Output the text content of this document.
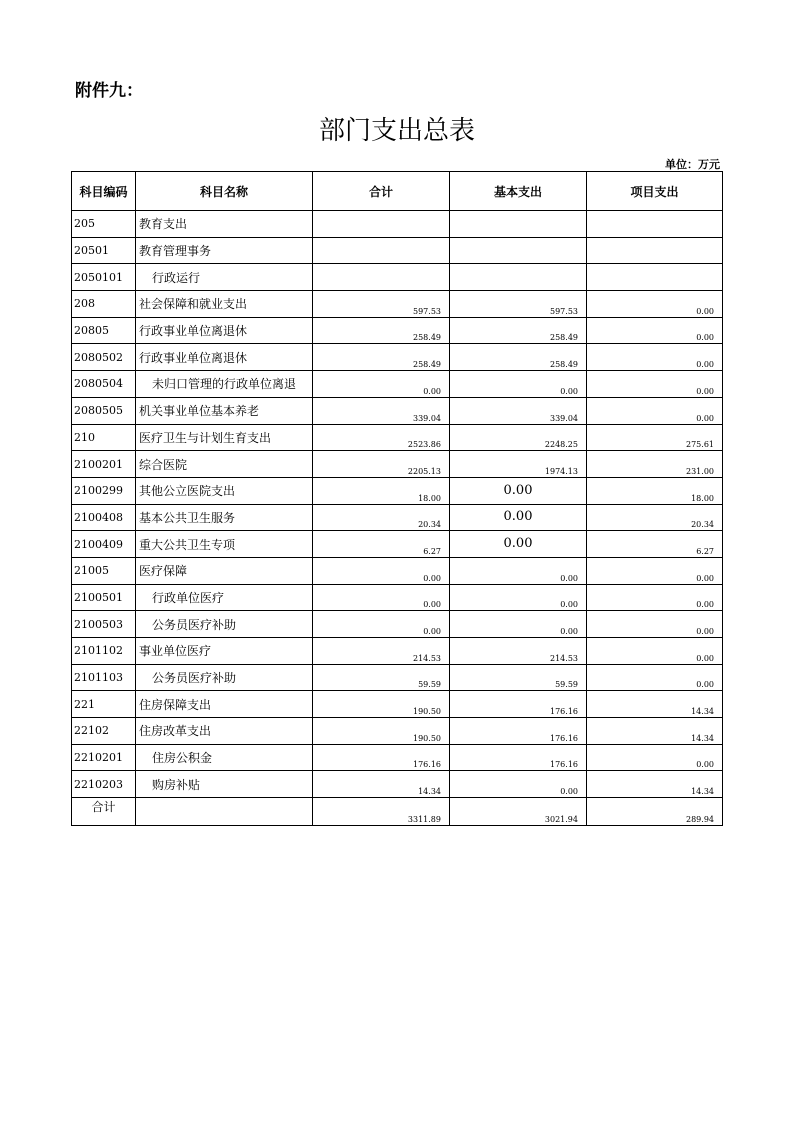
附件九：
部门支出总表
单位：万元
科目编码	科目名称	合计	基本支出	项目支出
205	教育支出			
20501	教育管理事务			
2050101	行政运行			
208	社会保障和就业支出	597.53	597.53	0.00
20805	行政事业单位离退休	258.49	258.49	0.00
2080502	行政事业单位离退休	258.49	258.49	0.00
2080504	未归口管理的行政单位离退	0.00	0.00	0.00
2080505	机关事业单位基本养老	339.04	339.04	0.00
210	医疗卫生与计划生育支出	2523.86	2248.25	275.61
2100201	综合医院	2205.13	1974.13	231.00
2100299	其他公立医院支出	18.00	0.00	18.00
2100408	基本公共卫生服务	20.34	0.00	20.34
2100409	重大公共卫生专项	6.27	0.00	6.27
21005	医疗保障	0.00	0.00	0.00
2100501	行政单位医疗	0.00	0.00	0.00
2100503	公务员医疗补助	0.00	0.00	0.00
2101102	事业单位医疗	214.53	214.53	0.00
2101103	公务员医疗补助	59.59	59.59	0.00
221	住房保障支出	190.50	176.16	14.34
22102	住房改革支出	190.50	176.16	14.34
2210201	住房公积金	176.16	176.16	0.00
2210203	购房补贴	14.34	0.00	14.34
合计		3311.89	3021.94	289.94
